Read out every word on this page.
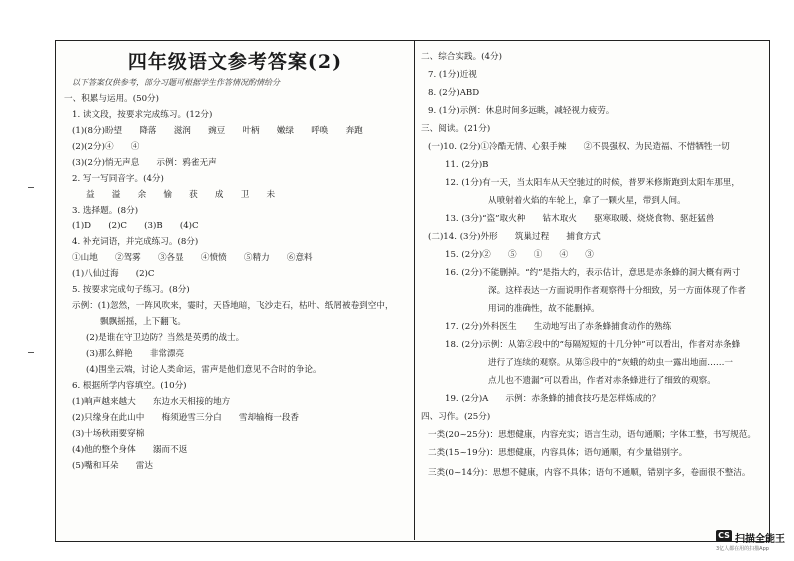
四年级语文参考答案(2)
以下答案仅供参考，部分习题可根据学生作答情况酌情给分
一、积累与运用。(50分)
1. 读文段，按要求完成练习。(12分)
(1)(8分)盼望　　降落　　滋润　　豌豆　　叶柄　　嫩绿　　呼唤　　奔跑
(2)(2分)④　　④
(3)(2分)悄无声息　　示例：鸦雀无声
2. 写一写同音字。(4分)
益　　溢　　余　　愉　　获　　成　　卫　　未
3. 选择题。(8分)
(1)D　　(2)C　　(3)B　　(4)C
4. 补充词语，并完成练习。(8分)
①山地　　②驾雾　　③各显　　④愤愤　　⑤精力　　⑥意料
(1)八仙过海　　(2)C
5. 按要求完成句子练习。(8分)
示例：(1)忽然，一阵风吹来，霎时，天昏地暗，飞沙走石，枯叶、纸屑被卷到空中，
飘飘摇摇，上下翻飞。
(2)是谁在守卫边防？当然是英勇的战士。
(3)那么鲜艳　　非常漂亮
(4)围坐云端，讨论人类命运，雷声是他们意见不合时的争论。
6. 根据所学内容填空。(10分)
(1)响声越来越大　　东边水天相接的地方
(2)只缘身在此山中　　梅须逊雪三分白　　雪却输梅一段香
(3)十场秋雨要穿棉
(4)他的整个身体　　溺而不返
(5)嘴和耳朵　　雷达
二、综合实践。(4分)
7. (1分)近视
8. (2分)ABD
9. (1分)示例：休息时间多远眺，减轻视力疲劳。
三、阅读。(21分)
(一)10. (2分)①冷酷无情、心狠手辣　　②不畏强权、为民造福、不惜牺牲一切
11. (2分)B
12. (1分)有一天，当太阳车从天空驰过的时候，普罗米修斯跑到太阳车那里，
从喷射着火焰的车轮上，拿了一颗火星，带到人间。
13. (3分)“盗”取火种　　钻木取火　　驱寒取暖、烧烧食物、驱赶猛兽
(二)14. (3分)外形　　筑巢过程　　捕食方式
15. (2分)②　　⑤　　①　　④　　③
16. (2分)不能删掉。“约”是指大约，表示估计，意思是赤条蜂的洞大概有两寸
深。这样表达一方面说明作者观察得十分细致，另一方面体现了作者
用词的准确性，故不能删掉。
17. (2分)外科医生　　生动地写出了赤条蜂捕食动作的熟练
18. (2分)示例：从第②段中的“每隔短短的十几分钟”可以看出，作者对赤条蜂
进行了连续的观察。从第⑤段中的“灰蛾的幼虫一露出地面……一
点儿也不遗漏”可以看出，作者对赤条蜂进行了细致的观察。
19. (2分)A　　示例：赤条蜂的捕食技巧是怎样炼成的？
四、习作。(25分)
一类(20~25分)：思想健康，内容充实；语言生动，语句通顺；字体工整，书写规范。
二类(15~19分)：思想健康，内容具体；语句通顺，有少量错别字。
三类(0~14分)：思想不健康，内容不具体；语句不通顺，错别字多，卷面很不整洁。
CS 扫描全能王
3亿人都在用的扫描App
